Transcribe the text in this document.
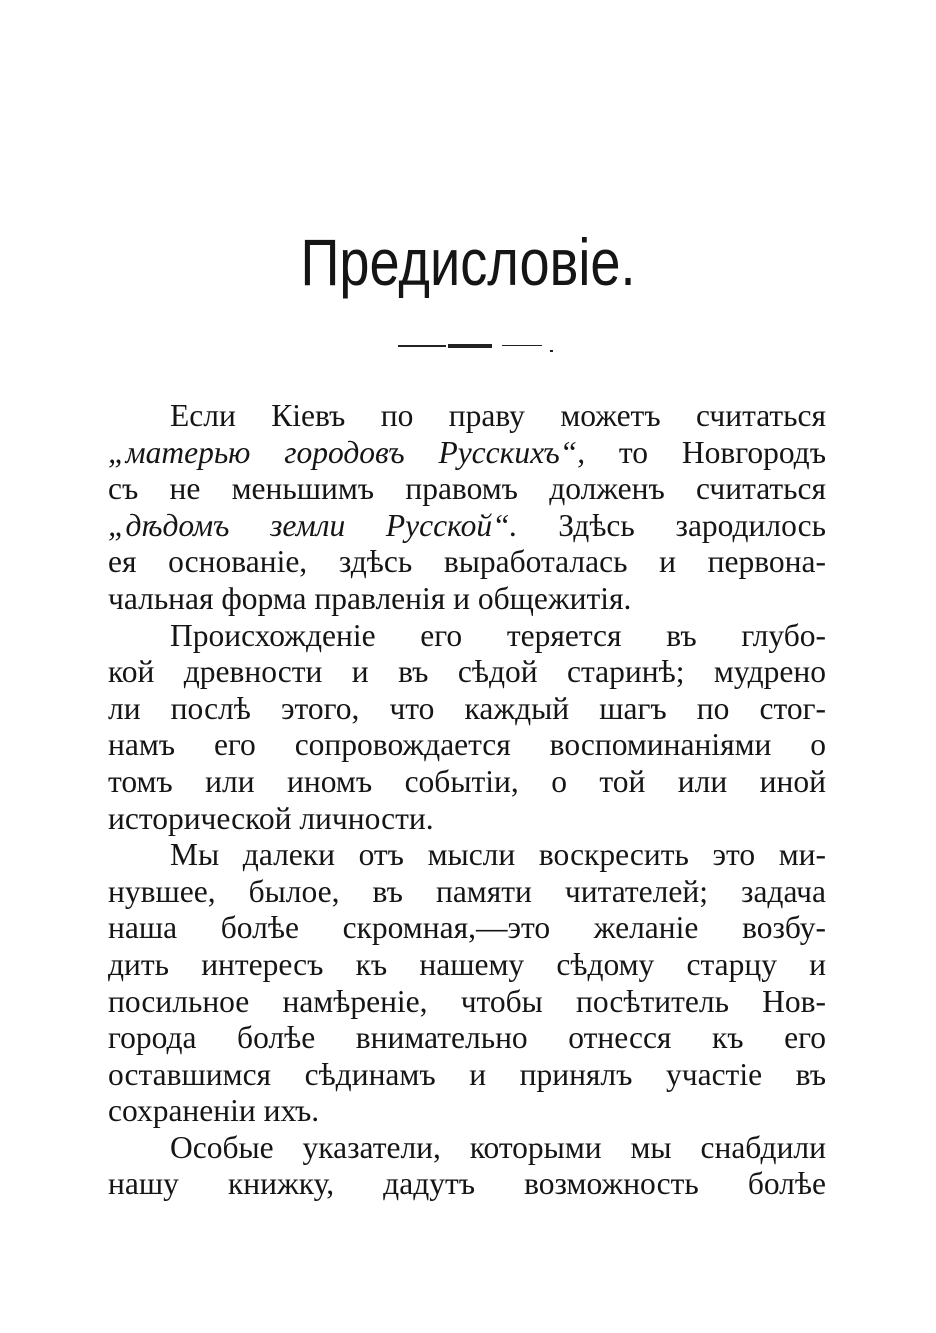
Предисловіе.
Если Кіевъ по праву можетъ считаться
„матерью городовъ Русскихъ“, то Новгородъ
съ не меньшимъ правомъ долженъ считаться
„дѣдомъ земли Русской“. Здѣсь зародилось
ея основаніе, здѣсь выработалась и первона-
чальная форма правленія и общежитія.
Происхожденіе его теряется въ глубо-
кой древности и въ сѣдой старинѣ; мудрено
ли послѣ этого, что каждый шагъ по стог-
намъ его сопровождается воспоминаніями о
томъ или иномъ событіи, о той или иной
исторической личности.
Мы далеки отъ мысли воскресить это ми-
нувшее, былое, въ памяти читателей; задача
наша болѣе скромная,—это желаніе возбу-
дить интересъ къ нашему сѣдому старцу и
посильное намѣреніе, чтобы посѣтитель Нов-
города болѣе внимательно отнесся къ его
оставшимся сѣдинамъ и принялъ участіе въ
сохраненіи ихъ.
Особые указатели, которыми мы снабдили
нашу книжку, дадутъ возможность болѣе
